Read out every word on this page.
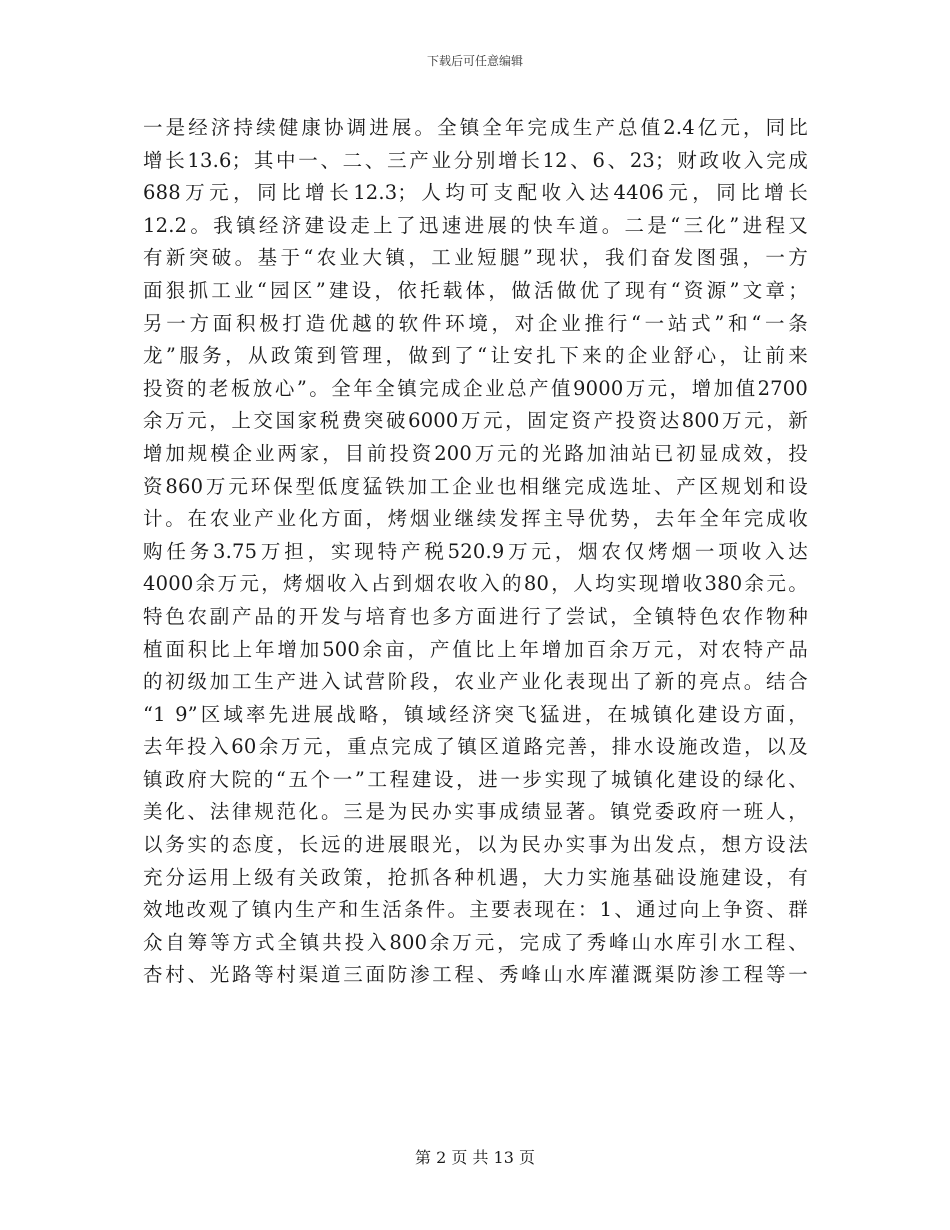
下载后可任意编辑
一是经济持续健康协调进展。全镇全年完成生产总值2.4亿元，同比
增长13.6；其中一、二、三产业分别增长12、6、23；财政收入完成
688万元，同比增长12.3；人均可支配收入达4406元，同比增长
12.2。我镇经济建设走上了迅速进展的快车道。二是“三化”进程又
有新突破。基于“农业大镇，工业短腿”现状，我们奋发图强，一方
面狠抓工业“园区”建设，依托载体，做活做优了现有“资源”文章；
另一方面积极打造优越的软件环境，对企业推行“一站式”和“一条
龙”服务，从政策到管理，做到了“让安扎下来的企业舒心，让前来
投资的老板放心”。全年全镇完成企业总产值9000万元，增加值2700
余万元，上交国家税费突破6000万元，固定资产投资达800万元，新
增加规模企业两家，目前投资200万元的光路加油站已初显成效，投
资860万元环保型低度猛铁加工企业也相继完成选址、产区规划和设
计。在农业产业化方面，烤烟业继续发挥主导优势，去年全年完成收
购任务3.75万担，实现特产税520.9万元，烟农仅烤烟一项收入达
4000余万元，烤烟收入占到烟农收入的80，人均实现增收380余元。
特色农副产品的开发与培育也多方面进行了尝试，全镇特色农作物种
植面积比上年增加500余亩，产值比上年增加百余万元，对农特产品
的初级加工生产进入试营阶段，农业产业化表现出了新的亮点。结合
“1 9”区域率先进展战略，镇域经济突飞猛进，在城镇化建设方面，
去年投入60余万元，重点完成了镇区道路完善，排水设施改造，以及
镇政府大院的“五个一”工程建设，进一步实现了城镇化建设的绿化、
美化、法律规范化。三是为民办实事成绩显著。镇党委政府一班人，
以务实的态度，长远的进展眼光，以为民办实事为出发点，想方设法
充分运用上级有关政策，抢抓各种机遇，大力实施基础设施建设，有
效地改观了镇内生产和生活条件。主要表现在：1、通过向上争资、群
众自筹等方式全镇共投入800余万元，完成了秀峰山水库引水工程、
杏村、光路等村渠道三面防渗工程、秀峰山水库灌溉渠防渗工程等一
第 2 页 共 13 页
